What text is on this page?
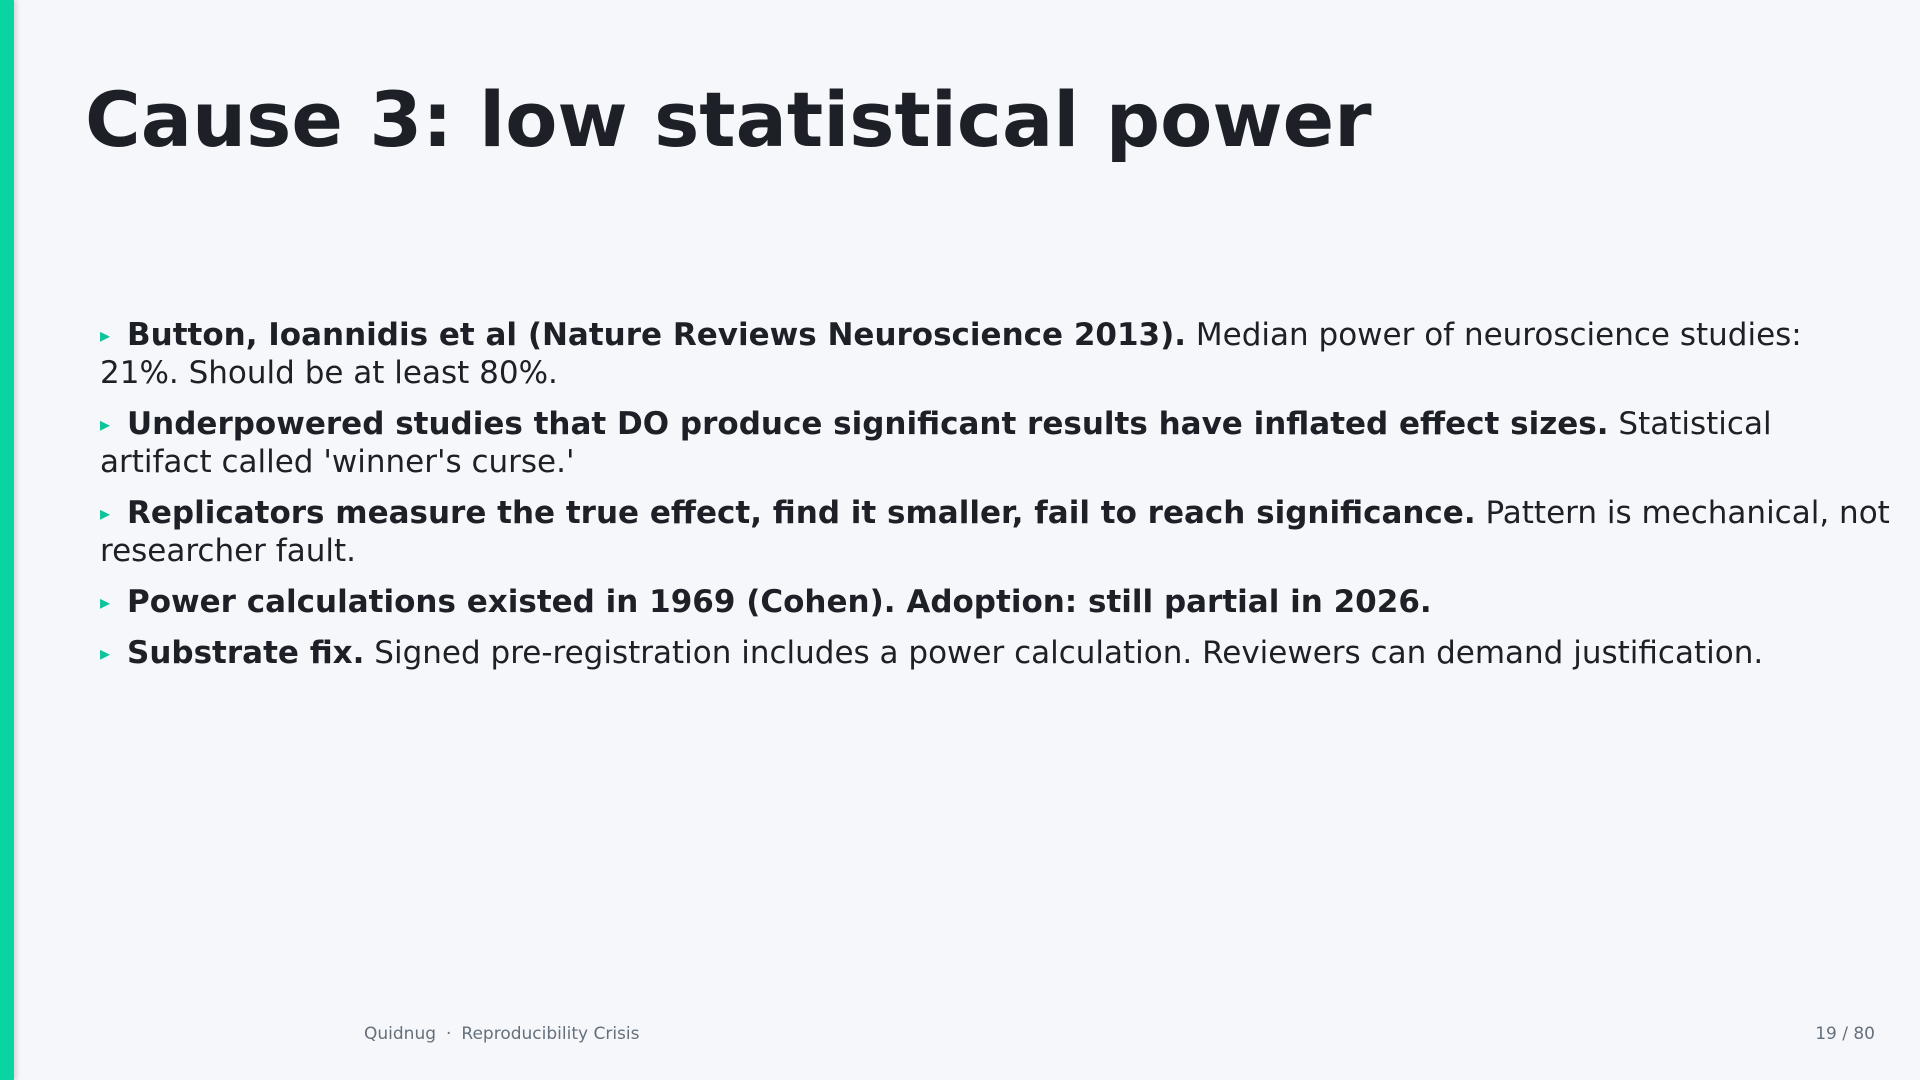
Cause 3: low statistical power
▸ Button, Ioannidis et al (Nature Reviews Neuroscience 2013). Median power of neuroscience studies: 21%. Should be at least 80%.
▸ Underpowered studies that DO produce significant results have inflated effect sizes. Statistical artifact called 'winner's curse.'
▸ Replicators measure the true effect, find it smaller, fail to reach significance. Pattern is mechanical, not researcher fault.
▸ Power calculations existed in 1969 (Cohen). Adoption: still partial in 2026.
▸ Substrate fix. Signed pre-registration includes a power calculation. Reviewers can demand justification.
Quidnug · Reproducibility Crisis	19 / 80
